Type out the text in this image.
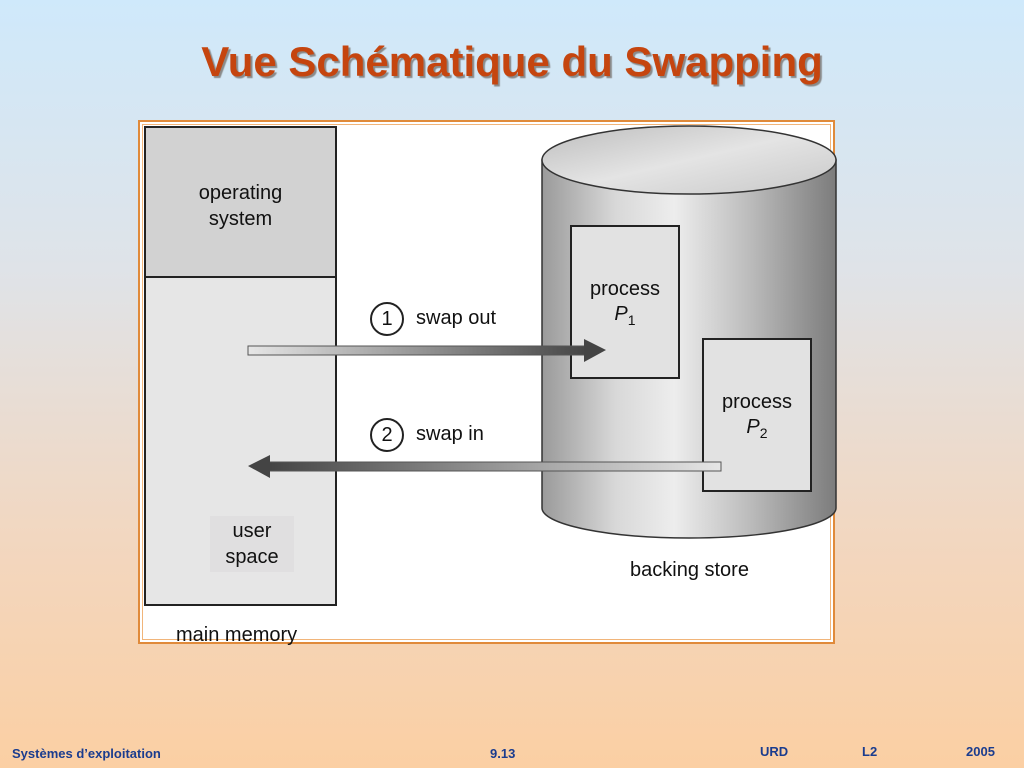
Vue Schématique du Swapping
operating
system
user
space
main memory
process
$P_1$
process
$P_2$
backing store
1	swap out
2	swap in
Systèmes d’exploitation	9.13	URD	L2	2005
